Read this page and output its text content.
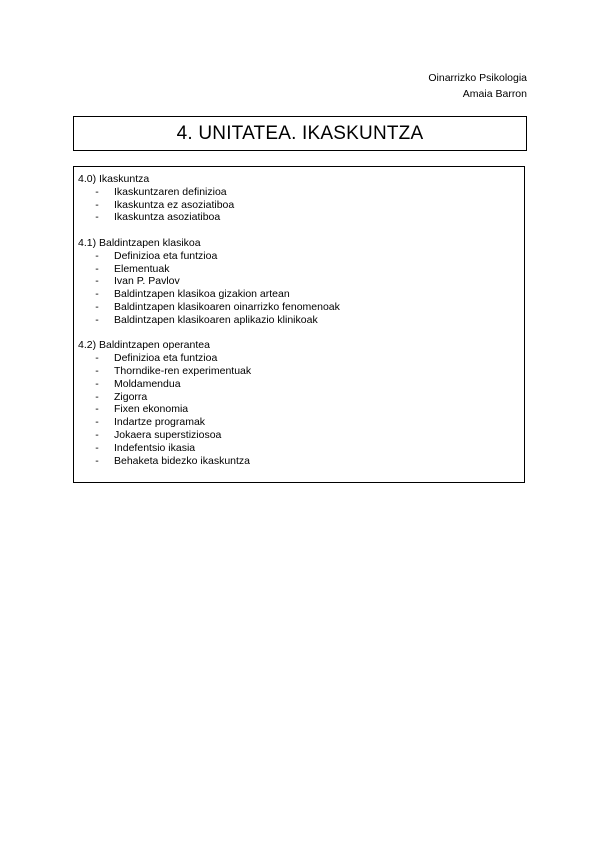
Oinarrizko Psikologia
Amaia Barron
4. UNITATEA. IKASKUNTZA

4.0) Ikaskuntza

-	Ikaskuntzaren definizioa
-	Ikaskuntza ez asoziatiboa
-	Ikaskuntza asoziatiboa

4.1) Baldintzapen klasikoa

-	Definizioa eta funtzioa
-	Elementuak
-	Ivan P. Pavlov
-	Baldintzapen klasikoa gizakion artean
-	Baldintzapen klasikoaren oinarrizko fenomenoak
-	Baldintzapen klasikoaren aplikazio klinikoak

4.2) Baldintzapen operantea

-	Definizioa eta funtzioa
-	Thorndike-ren experimentuak
-	Moldamendua
-	Zigorra
-	Fixen ekonomia
-	Indartze programak
-	Jokaera superstiziosoa
-	Indefentsio ikasia
-	Behaketa bidezko ikaskuntza
